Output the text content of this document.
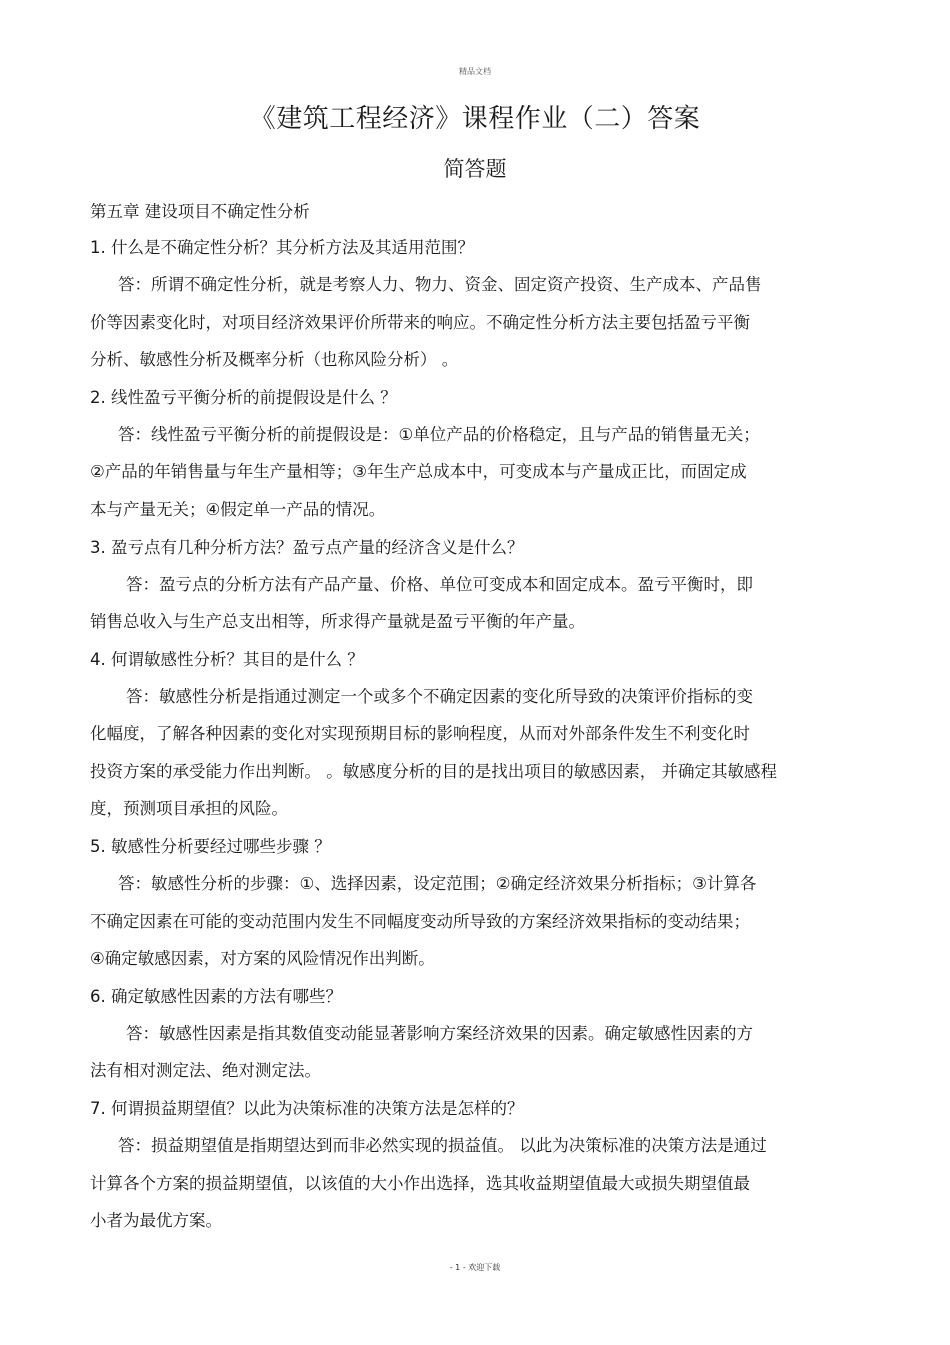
精品文档
《建筑工程经济》课程作业（二）答案
简答题
第五章 建设项目不确定性分析
1. 什么是不确定性分析？其分析方法及其适用范围？
答：所谓不确定性分析，就是考察人力、物力、资金、固定资产投资、生产成本、产品售
价等因素变化时，对项目经济效果评价所带来的响应。不确定性分析方法主要包括盈亏平衡
分析、敏感性分析及概率分析（也称风险分析） 。
2. 线性盈亏平衡分析的前提假设是什么 ？
答：线性盈亏平衡分析的前提假设是：①单位产品的价格稳定，且与产品的销售量无关；
②产品的年销售量与年生产量相等；③年生产总成本中，可变成本与产量成正比，而固定成
本与产量无关；④假定单一产品的情况。
3. 盈亏点有几种分析方法？盈亏点产量的经济含义是什么？
答：盈亏点的分析方法有产品产量、价格、单位可变成本和固定成本。盈亏平衡时，即
销售总收入与生产总支出相等，所求得产量就是盈亏平衡的年产量。
4. 何谓敏感性分析？其目的是什么 ？
答：敏感性分析是指通过测定一个或多个不确定因素的变化所导致的决策评价指标的变
化幅度，了解各种因素的变化对实现预期目标的影响程度，从而对外部条件发生不利变化时
投资方案的承受能力作出判断。 。敏感度分析的目的是找出项目的敏感因素， 并确定其敏感程
度，预测项目承担的风险。
5. 敏感性分析要经过哪些步骤 ？
答：敏感性分析的步骤：①、选择因素，设定范围；②确定经济效果分析指标；③计算各
不确定因素在可能的变动范围内发生不同幅度变动所导致的方案经济效果指标的变动结果；
④确定敏感因素，对方案的风险情况作出判断。
6. 确定敏感性因素的方法有哪些？
答：敏感性因素是指其数值变动能显著影响方案经济效果的因素。确定敏感性因素的方
法有相对测定法、绝对测定法。
7. 何谓损益期望值？以此为决策标准的决策方法是怎样的？
答：损益期望值是指期望达到而非必然实现的损益值。 以此为决策标准的决策方法是通过
计算各个方案的损益期望值，以该值的大小作出选择，选其收益期望值最大或损失期望值最
小者为最优方案。
- 1 - 欢迎下载
